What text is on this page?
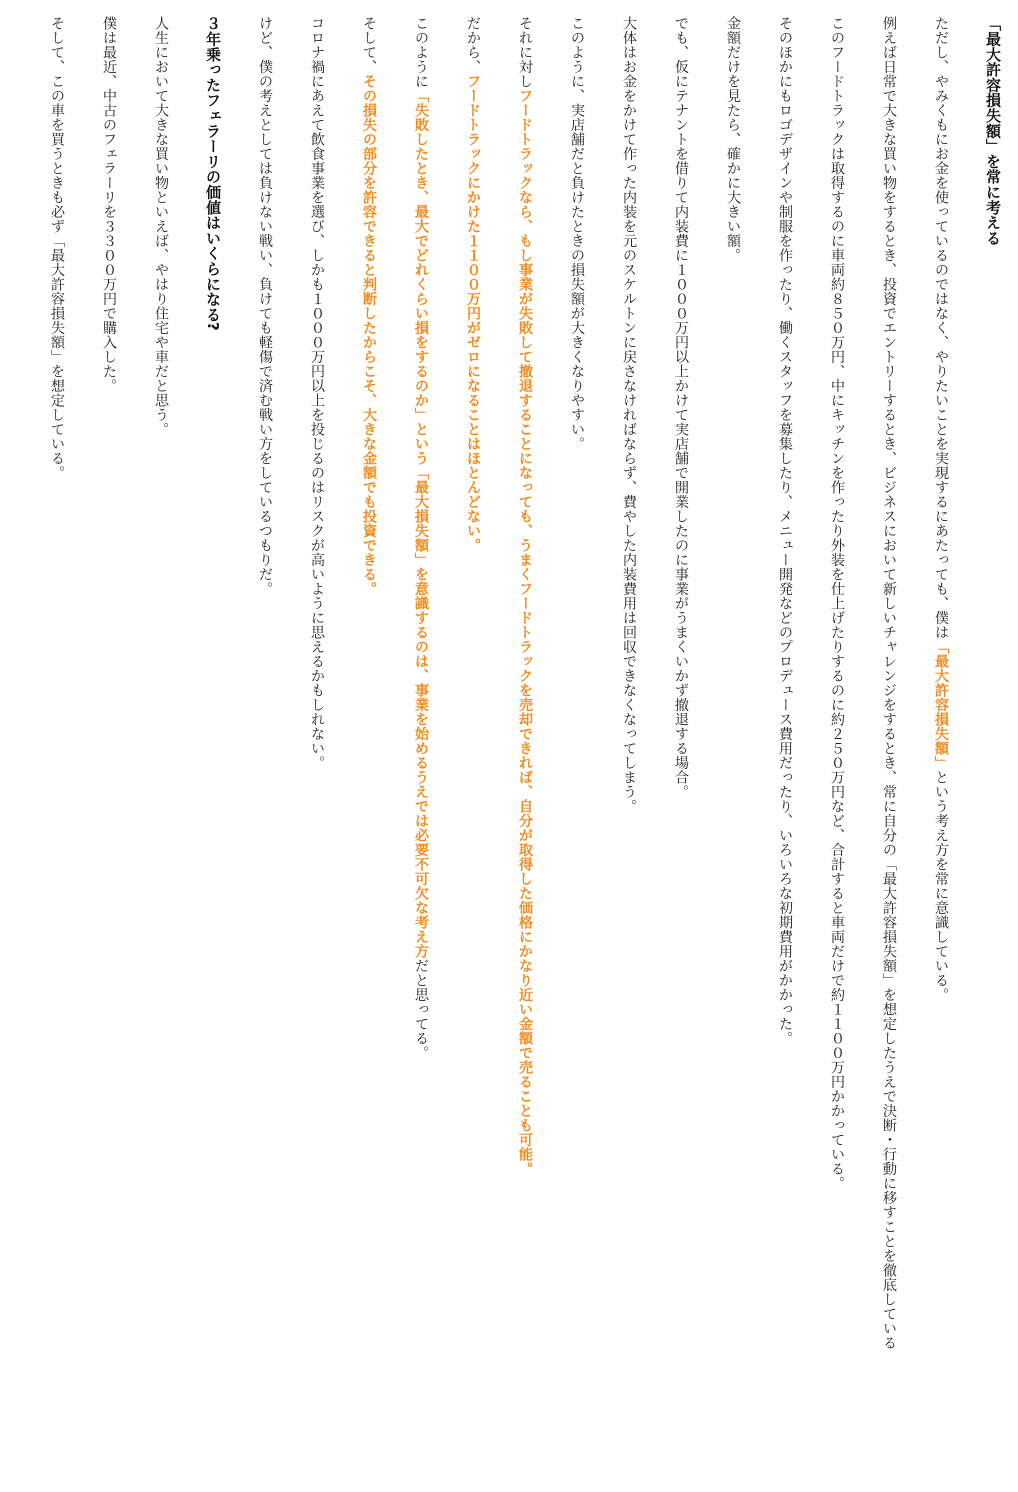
「最大許容損失額」を常に考える

ただし、やみくもにお金を使っているのではなく、やりたいことを実現するにあたっても、僕は「最大許容損失額」という考え方を常に意識している。

例えば日常で大きな買い物をするとき、投資でエントリーするとき、ビジネスにおいて新しいチャレンジをするとき、常に自分の「最大許容損失額」を想定したうえで決断・行動に移すことを徹底している

このフードトラックは取得するのに車両約８５０万円、中にキッチンを作ったり外装を仕上げたりするのに約２５０万円など、合計すると車両だけで約１１００万円かかっている。

そのほかにもロゴデザインや制服を作ったり、働くスタッフを募集したり、メニュー開発などのプロデュース費用だったり、いろいろな初期費用がかかった。

金額だけを見たら、確かに大きい額。

でも、仮にテナントを借りて内装費に１０００万円以上かけて実店舗で開業したのに事業がうまくいかず撤退する場合。

大体はお金をかけて作った内装を元のスケルトンに戻さなければならず、費やした内装費用は回収できなくなってしまう。

このように、実店舗だと負けたときの損失額が大きくなりやすい。

それに対しフードトラックなら、もし事業が失敗して撤退することになっても、うまくフードトラックを売却できれば、自分が取得した価格にかなり近い金額で売ることも可能。

だから、フードトラックにかけた１１００万円がゼロになることはほとんどない。

このように「失敗したとき、最大でどれくらい損をするのか」という「最大損失額」を意識するのは、事業を始めるうえでは必要不可欠な考え方だと思ってる。

そして、その損失の部分を許容できると判断したからこそ、大きな金額でも投資できる。

コロナ禍にあえて飲食事業を選び、しかも１０００万円以上を投じるのはリスクが高いように思えるかもしれない。

けど、僕の考えとしては負けない戦い、負けても軽傷で済む戦い方をしているつもりだ。

３年乗ったフェラーリの価値はいくらになる?

人生において大きな買い物といえば、やはり住宅や車だと思う。

僕は最近、中古のフェラーリを３３００万円で購入した。

そして、この車を買うときも必ず「最大許容損失額」を想定している。
